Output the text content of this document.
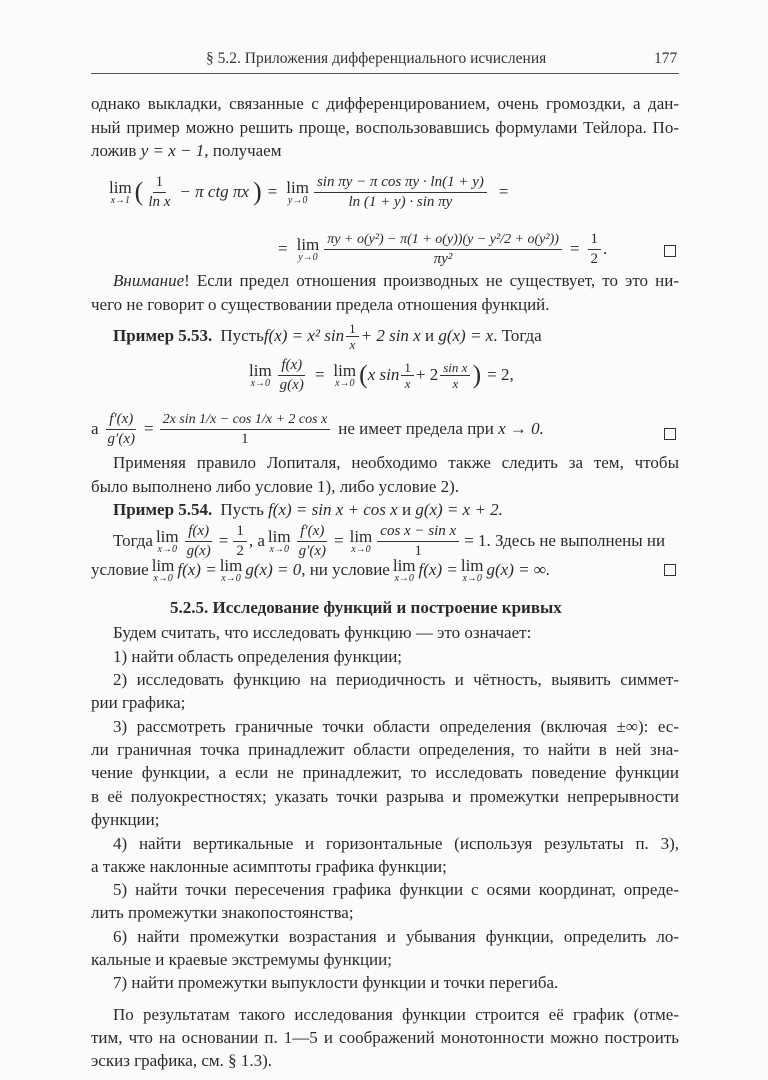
§ 5.2. Приложения дифференциального исчисления	177
однако выкладки, связанные с дифференцированием, очень громоздки, а дан-
ный пример можно решить проще, воспользовавшись формулами Тейлора. По-
ложив y = x − 1, получаем
lim
x→1 ( $\frac{1}{\text{ln x}} - \pi$ ctg πx ) = lim
$y\to 0 \frac{\text{sin πy − π cos πy · ln(1 + y)}}{\text{ln (1 + y) · sin πy}}$ =
= lim
$y\to 0 \frac{\text{πy + o(y²) − π(1 + o(y))(y − y²/2 + o(y²))}}{\text{πy²}} = \frac{1}{2}$ .
Внимание! Если предел отношения производных не существует, то это ни-
чего не говорит о существовании предела отношения функций.
Пример 5.53. Пусть f(x) = x² $\sin \frac{1}{x} + 2$ sin x и g(x) = x . Тогда
lim
$x\to 0 \frac{f(x)}{g(x)} = \lim$
x→0 ( x $\sin \frac{1}{x} + 2 \frac{\text{sin x}}{x}$ ) = 2,
а $\frac{f'(x)}{g'(x)} = \frac{\text{2x sin 1/x − cos 1/x + 2 cos x}}{1}$ не имеет предела при x → 0.
Применяя правило Лопиталя, необходимо также следить за тем, чтобы
было выполнено либо условие 1), либо условие 2).
Пример 5.54. Пусть f(x) = sin x + cos x и g(x) = x + 2.
Тогда lim
$x\to 0 \frac{f(x)}{g(x)} = \frac{1}{2}$ , а lim
$x\to 0 \frac{f'(x)}{g'(x)} = \lim$
$x\to 0 \frac{\text{cos x − sin x}}{1} = 1$. Здесь не выполнены ни
условие lim
x→0 f(x) = lim
x→0 g(x) = 0 , ни условие lim
x→0 f(x) = lim
x→0 g(x) = ∞.
5.2.5. Исследование функций и построение кривых
Будем считать, что исследовать функцию — это означает:
1) найти область определения функции;
2) исследовать функцию на периодичность и чётность, выявить симмет-
рии графика;
3) рассмотреть граничные точки области определения (включая ±∞): ес-
ли граничная точка принадлежит области определения, то найти в ней зна-
чение функции, а если не принадлежит, то исследовать поведение функции
в её полуокрестностях; указать точки разрыва и промежутки непрерывности
функции;
4) найти вертикальные и горизонтальные (используя результаты п. 3),
а также наклонные асимптоты графика функции;
5) найти точки пересечения графика функции с осями координат, опреде-
лить промежутки знакопостоянства;
6) найти промежутки возрастания и убывания функции, определить ло-
кальные и краевые экстремумы функции;
7) найти промежутки выпуклости функции и точки перегиба.
По результатам такого исследования функции строится её график (отме-
тим, что на основании п. 1—5 и соображений монотонности можно построить
эскиз графика, см. § 1.3).
